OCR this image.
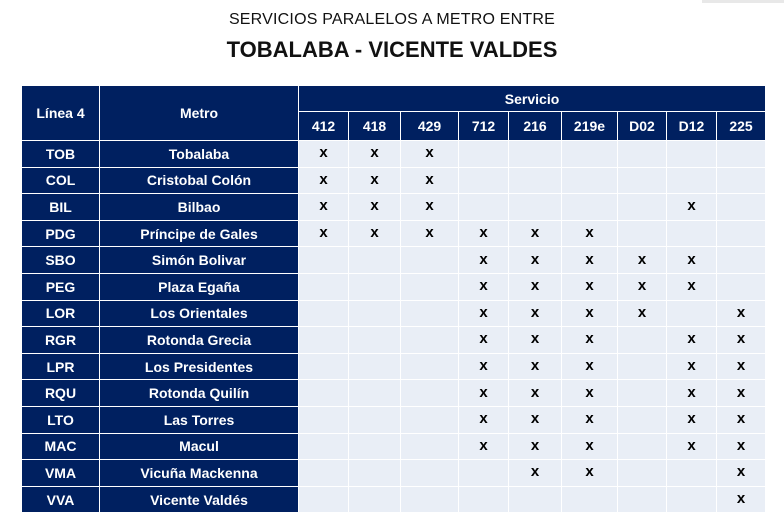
SERVICIOS PARALELOS A METRO ENTRE
TOBALABA - VICENTE VALDES
Línea 4	Metro	Servicio								
		412	418	429	712	216	219e	D02	D12	225
TOB	Tobalaba	x	x	x						
COL	Cristobal Colón	x	x	x						
BIL	Bilbao	x	x	x					x	
PDG	Príncipe de Gales	x	x	x	x	x	x			
SBO	Simón Bolivar				x	x	x	x	x	
PEG	Plaza Egaña				x	x	x	x	x	
LOR	Los Orientales				x	x	x	x		x
RGR	Rotonda Grecia				x	x	x		x	x
LPR	Los Presidentes				x	x	x		x	x
RQU	Rotonda Quilín				x	x	x		x	x
LTO	Las Torres				x	x	x		x	x
MAC	Macul				x	x	x		x	x
VMA	Vicuña Mackenna					x	x			x
VVA	Vicente Valdés									x
